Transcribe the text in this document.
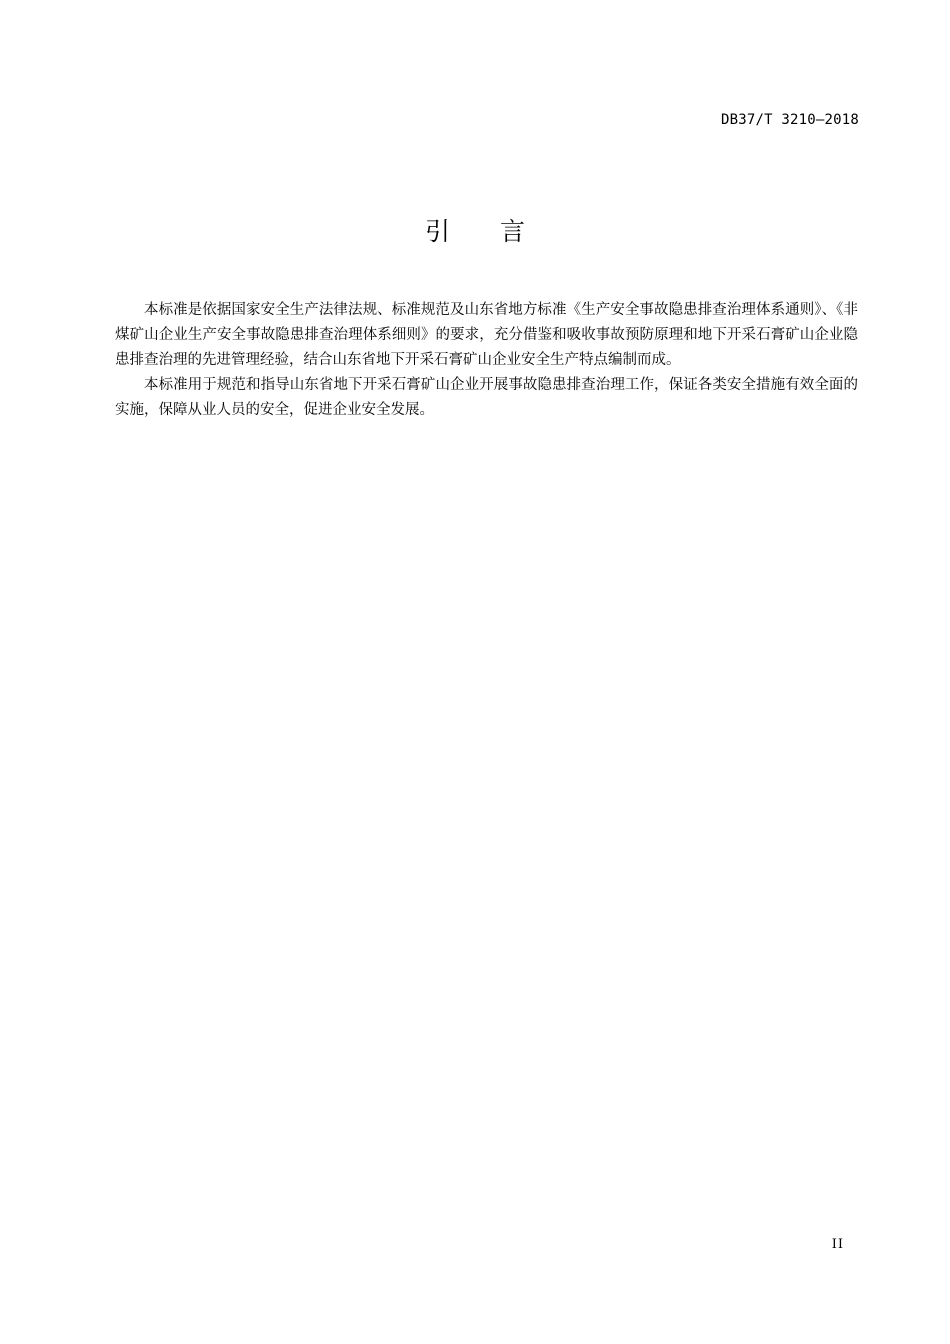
DB37/T 3210—2018
引 言

本标准是依据国家安全生产法律法规、标准规范及山东省地方标准《生产安全事故隐患排查治理体系通则》、《非煤矿山企业生产安全事故隐患排查治理体系细则》的要求，充分借鉴和吸收事故预防原理和地下开采石膏矿山企业隐患排查治理的先进管理经验，结合山东省地下开采石膏矿山企业安全生产特点编制而成。

本标准用于规范和指导山东省地下开采石膏矿山企业开展事故隐患排查治理工作，保证各类安全措施有效全面的实施，保障从业人员的安全，促进企业安全发展。

II
